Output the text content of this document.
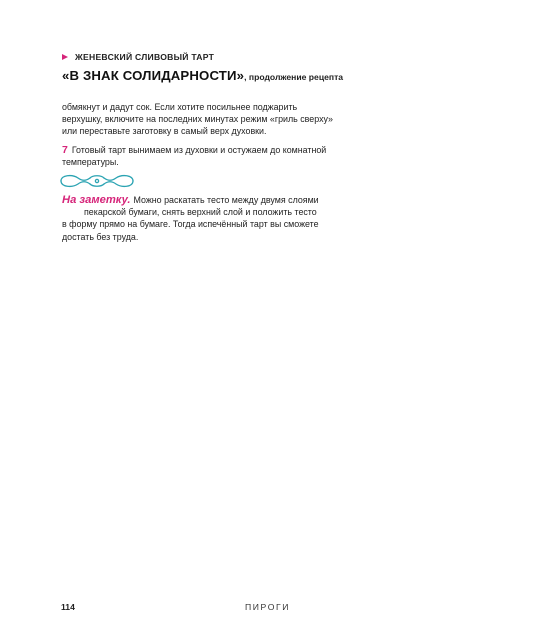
ЖЕНЕВСКИЙ СЛИВОВЫЙ ТАРТ
«В ЗНАК СОЛИДАРНОСТИ», продолжение рецепта

обмякнут и дадут сок. Если хотите посильнее поджарить верхушку, включите на последних минутах режим «гриль сверху» или переставьте заготовку в самый верх духовки.

7 Готовый тарт вынимаем из духовки и остужаем до комнатной температуры.

На заметку. Можно раскатать тесто между двумя слоями
пекарской бумаги, снять верхний слой и положить тесто
в форму прямо на бумаге. Тогда испечённый тарт вы сможете
достать без труда.
114	ПИРОГИ
